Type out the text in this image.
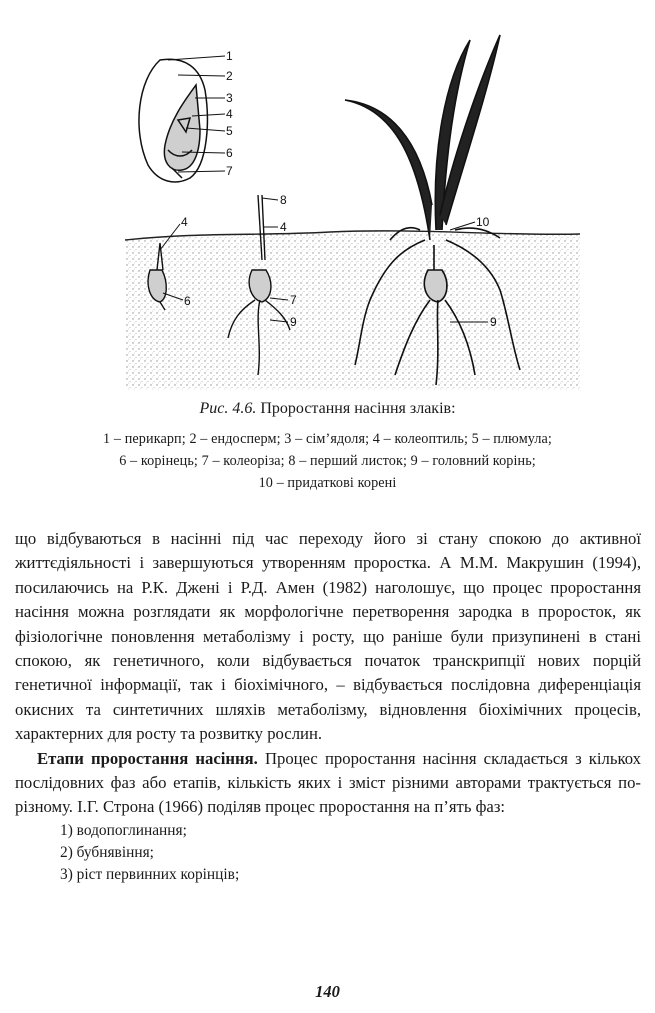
1
2
3
4
5
6
7
4
6
8
4
7
9
10
9
Рис. 4.6. Проростання насіння злаків:
1 – перикарп; 2 – ендосперм; 3 – сім’ядоля; 4 – колеоптиль; 5 – плюмула;
6 – корінець; 7 – колеоріза; 8 – перший листок; 9 – головний корінь;
10 – придаткові корені

що відбуваються в насінні під час переходу його зі стану спокою до активної життєдіяльності і завершуються утворенням проростка. А М.М. Макрушин (1994), посилаючись на Р.К. Джені і Р.Д. Амен (1982) наголошує, що процес проростання насіння можна розглядати як морфологічне перетворення зародка в проросток, як фізіологічне поновлення метаболізму і росту, що раніше були призупинені в стані спокою, як генетичного, коли відбувається початок транскрипції нових порцій генетичної інформації, так і біохімічного, – відбувається послідовна диференціація окисних та синтетичних шляхів метаболізму, відновлення біохімічних процесів, характерних для росту та розвитку рослин.

Етапи проростання насіння. Процес проростання насіння складається з кількох послідовних фаз або етапів, кількість яких і зміст різними авторами трактується по-різному. І.Г. Строна (1966) поділяв процес проростання на п’ять фаз:

1) водопоглинання;
2) бубнявіння;
3) ріст первинних корінців;
140
